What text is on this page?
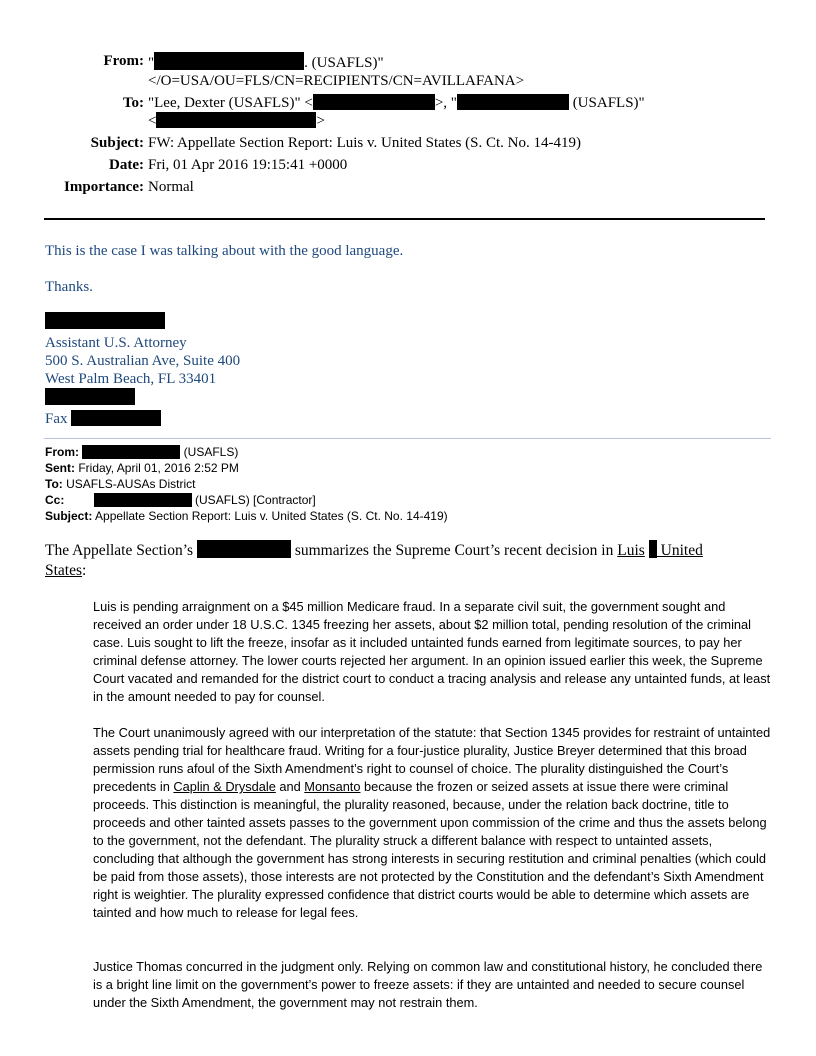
From: "	. (USAFLS)"
</O=USA/OU=FLS/CN=RECIPIENTS/CN=AVILLAFANA>
To: "Lee, Dexter (USAFLS)" <	>, "	(USAFLS)"
<	>
Subject: FW: Appellate Section Report: Luis v. United States (S. Ct. No. 14-419)
Date: Fri, 01 Apr 2016 19:15:41 +0000
Importance: Normal
This is the case I was talking about with the good language.
Thanks.
Assistant U.S. Attorney
500 S. Australian Ave, Suite 400
West Palm Beach, FL 33401
Fax
From:	(USAFLS)
Sent: Friday, April 01, 2016 2:52 PM
To: USAFLS-AUSAs District
Cc:	(USAFLS) [Contractor]
Subject: Appellate Section Report: Luis v. United States (S. Ct. No. 14-419)
The Appellate Section’s	summarizes the Supreme Court’s recent decision in Luis United
States:
Luis is pending arraignment on a $45 million Medicare fraud. In a separate civil suit, the government sought and received an order under 18 U.S.C. 1345 freezing her assets, about $2 million total, pending resolution of the criminal case. Luis sought to lift the freeze, insofar as it included untainted funds earned from legitimate sources, to pay her criminal defense attorney. The lower courts rejected her argument. In an opinion issued earlier this week, the Supreme Court vacated and remanded for the district court to conduct a tracing analysis and release any untainted funds, at least in the amount needed to pay for counsel.
The Court unanimously agreed with our interpretation of the statute: that Section 1345 provides for restraint of untainted assets pending trial for healthcare fraud. Writing for a four-justice plurality, Justice Breyer determined that this broad permission runs afoul of the Sixth Amendment’s right to counsel of choice. The plurality distinguished the Court’s precedents in Caplin & Drysdale and Monsanto because the frozen or seized assets at issue there were criminal proceeds. This distinction is meaningful, the plurality reasoned, because, under the relation back doctrine, title to proceeds and other tainted assets passes to the government upon commission of the crime and thus the assets belong to the government, not the defendant. The plurality struck a different balance with respect to untainted assets, concluding that although the government has strong interests in securing restitution and criminal penalties (which could be paid from those assets), those interests are not protected by the Constitution and the defendant’s Sixth Amendment right is weightier. The plurality expressed confidence that district courts would be able to determine which assets are tainted and how much to release for legal fees.
Justice Thomas concurred in the judgment only. Relying on common law and constitutional history, he concluded there is a bright line limit on the government’s power to freeze assets: if they are untainted and needed to secure counsel under the Sixth Amendment, the government may not restrain them.
